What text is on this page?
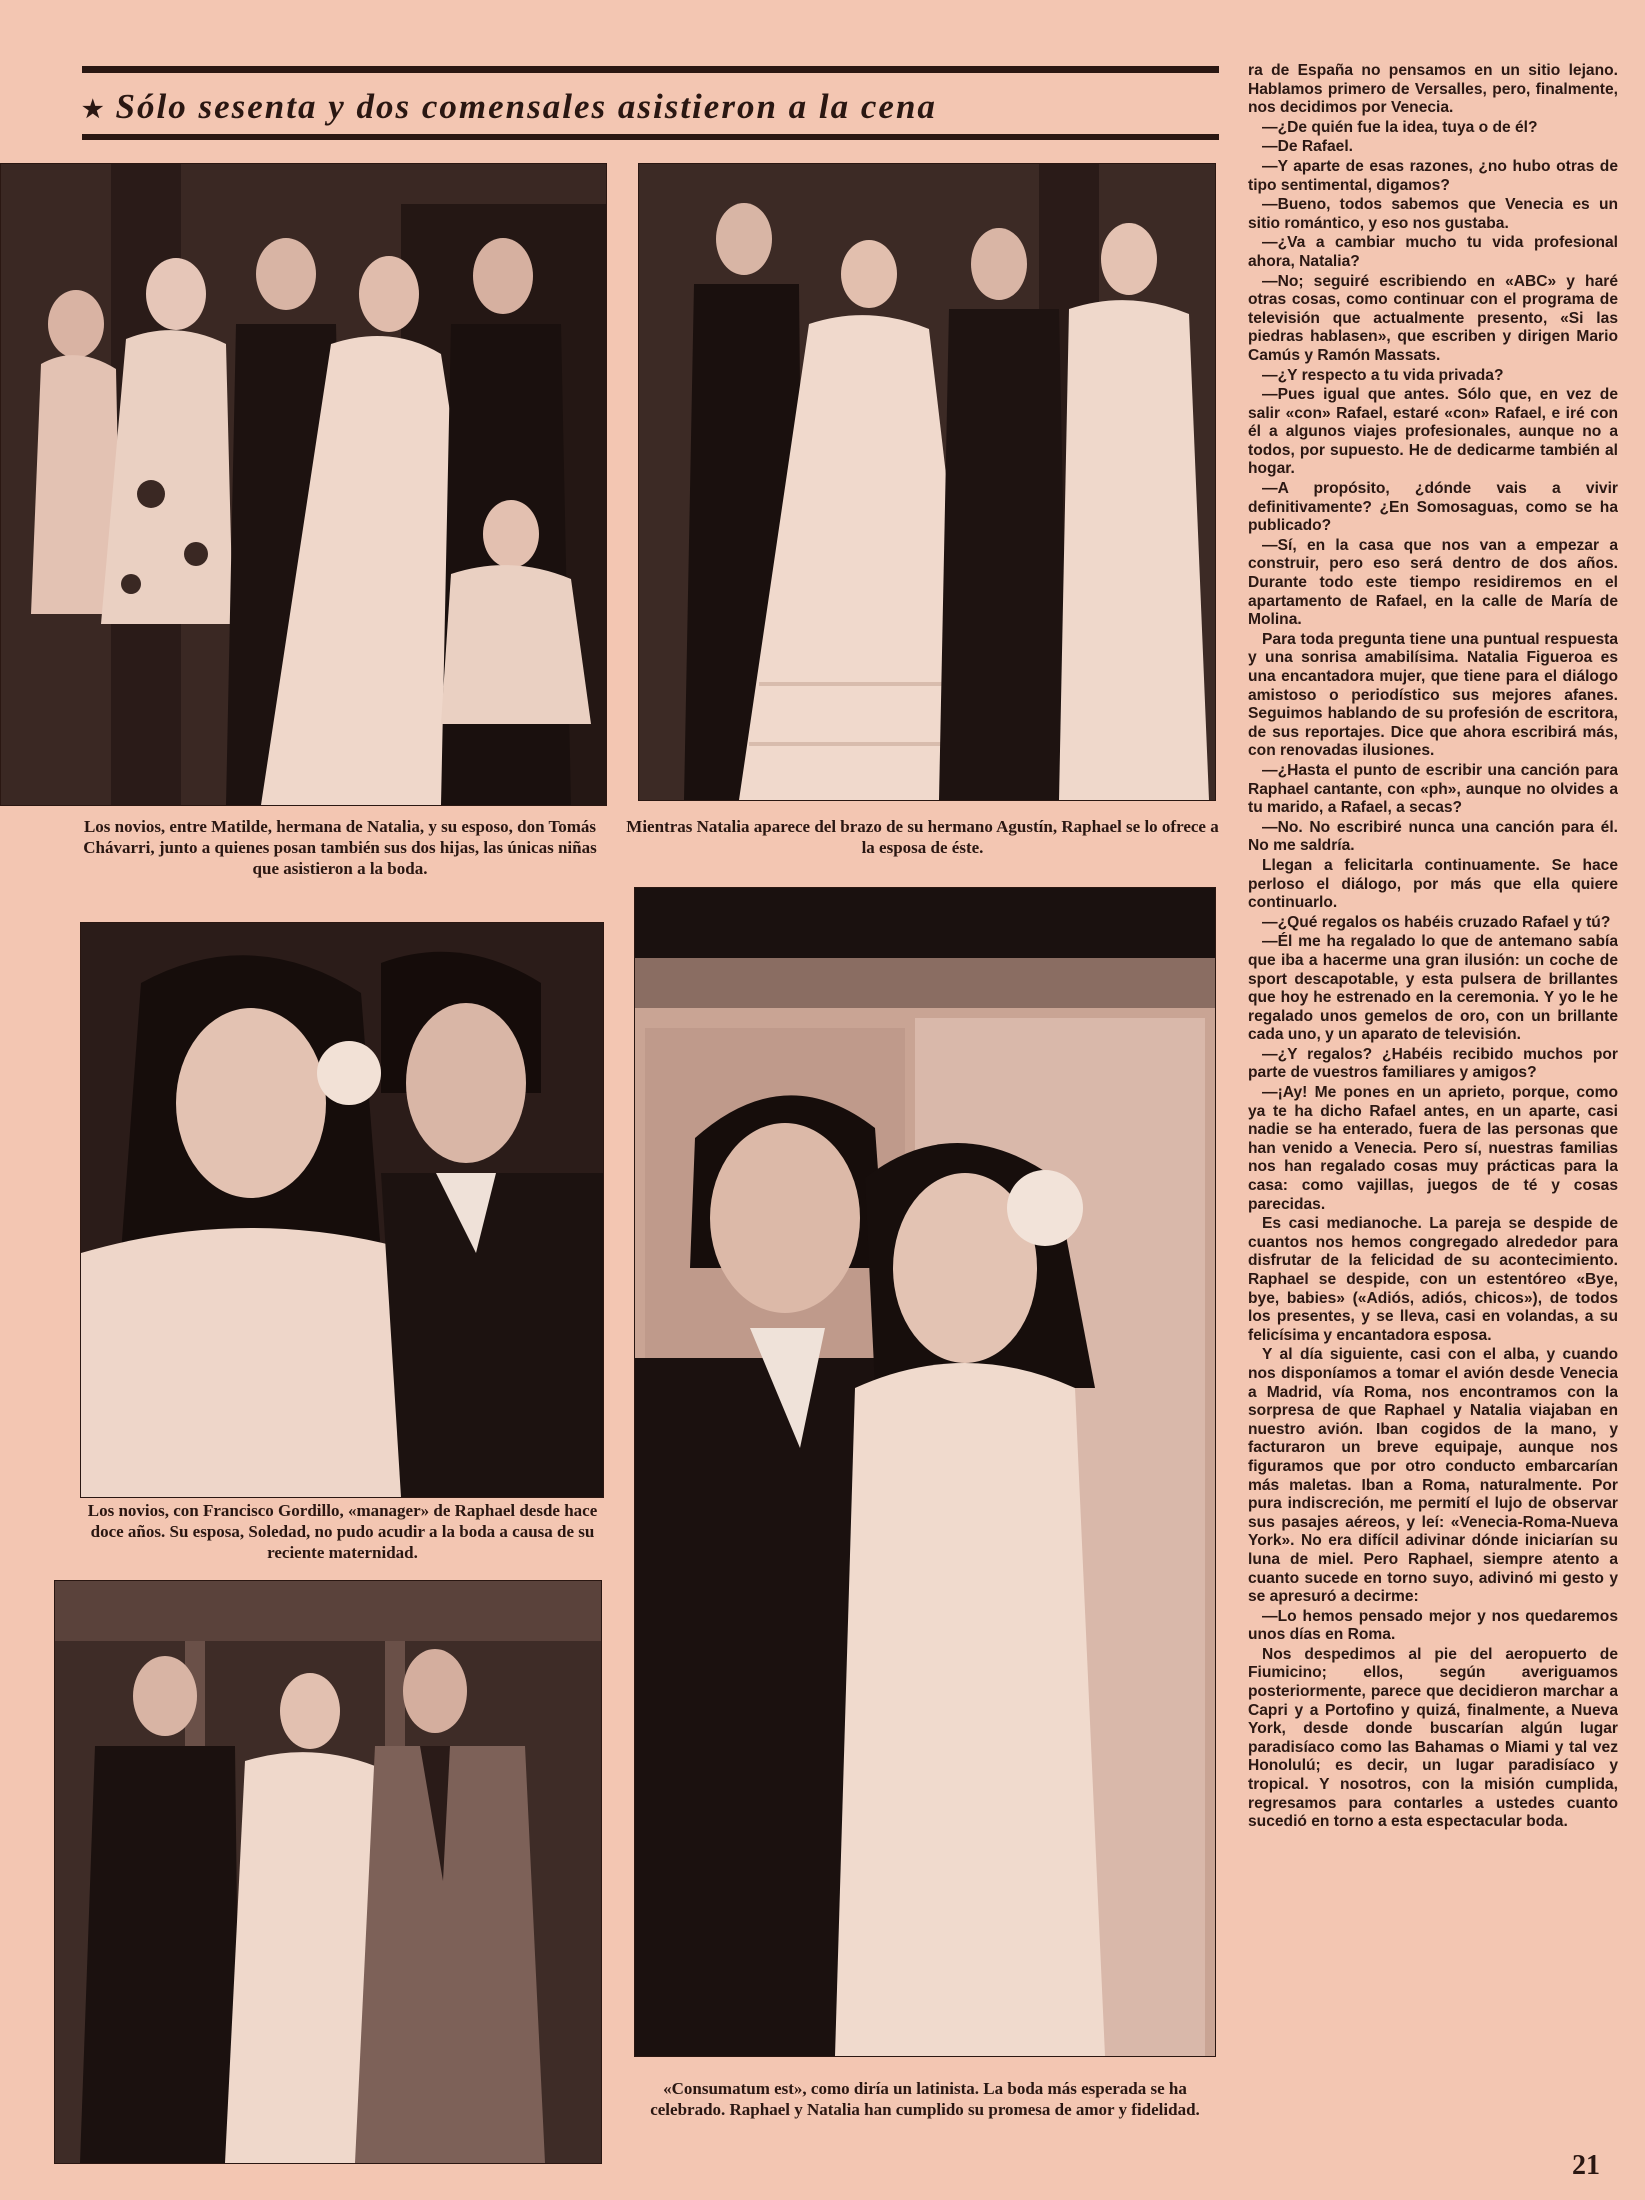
★ Sólo sesenta y dos comensales asistieron a la cena
Los novios, entre Matilde, hermana de Natalia, y su esposo, don Tomás Chávarri, junto a quienes posan también sus dos hijas, las únicas niñas que asistieron a la boda.
Mientras Natalia aparece del brazo de su hermano Agustín, Raphael se lo ofrece a la esposa de éste.
Los novios, con Francisco Gordillo, «manager» de Raphael desde hace doce años. Su esposa, Soledad, no pudo acudir a la boda a causa de su reciente maternidad.
«Consumatum est», como diría un latinista. La boda más esperada se ha celebrado. Raphael y Natalia han cumplido su promesa de amor y fidelidad.

ra de España no pensamos en un sitio lejano. Hablamos primero de Versalles, pero, finalmente, nos decidimos por Venecia.

—¿De quién fue la idea, tuya o de él?

—De Rafael.

—Y aparte de esas razones, ¿no hubo otras de tipo sentimental, digamos?

—Bueno, todos sabemos que Venecia es un sitio romántico, y eso nos gustaba.

—¿Va a cambiar mucho tu vida profesional ahora, Natalia?

—No; seguiré escribiendo en «ABC» y haré otras cosas, como continuar con el programa de televisión que actualmente presento, «Si las piedras hablasen», que escriben y dirigen Mario Camús y Ramón Massats.

—¿Y respecto a tu vida privada?

—Pues igual que antes. Sólo que, en vez de salir «con» Rafael, estaré «con» Rafael, e iré con él a algunos viajes profesionales, aunque no a todos, por supuesto. He de dedicarme también al hogar.

—A propósito, ¿dónde vais a vivir definitivamente? ¿En Somosaguas, como se ha publicado?

—Sí, en la casa que nos van a empezar a construir, pero eso será dentro de dos años. Durante todo este tiempo residiremos en el apartamento de Rafael, en la calle de María de Molina.

Para toda pregunta tiene una puntual respuesta y una sonrisa amabilísima. Natalia Figueroa es una encantadora mujer, que tiene para el diálogo amistoso o periodístico sus mejores afanes. Seguimos hablando de su profesión de escritora, de sus reportajes. Dice que ahora escribirá más, con renovadas ilusiones.

—¿Hasta el punto de escribir una canción para Raphael cantante, con «ph», aunque no olvides a tu marido, a Rafael, a secas?

—No. No escribiré nunca una canción para él. No me saldría.

Llegan a felicitarla continuamente. Se hace perloso el diálogo, por más que ella quiere continuarlo.

—¿Qué regalos os habéis cruzado Rafael y tú?

—Él me ha regalado lo que de antemano sabía que iba a hacerme una gran ilusión: un coche de sport descapotable, y esta pulsera de brillantes que hoy he estrenado en la ceremonia. Y yo le he regalado unos gemelos de oro, con un brillante cada uno, y un aparato de televisión.

—¿Y regalos? ¿Habéis recibido muchos por parte de vuestros familiares y amigos?

—¡Ay! Me pones en un aprieto, porque, como ya te ha dicho Rafael antes, en un aparte, casi nadie se ha enterado, fuera de las personas que han venido a Venecia. Pero sí, nuestras familias nos han regalado cosas muy prácticas para la casa: como vajillas, juegos de té y cosas parecidas.

Es casi medianoche. La pareja se despide de cuantos nos hemos congregado alrededor para disfrutar de la felicidad de su acontecimiento. Raphael se despide, con un estentóreo «Bye, bye, babies» («Adiós, adiós, chicos»), de todos los presentes, y se lleva, casi en volandas, a su felicísima y encantadora esposa.

Y al día siguiente, casi con el alba, y cuando nos disponíamos a tomar el avión desde Venecia a Madrid, vía Roma, nos encontramos con la sorpresa de que Raphael y Natalia viajaban en nuestro avión. Iban cogidos de la mano, y facturaron un breve equipaje, aunque nos figuramos que por otro conducto embarcarían más maletas. Iban a Roma, naturalmente. Por pura indiscreción, me permití el lujo de observar sus pasajes aéreos, y leí: «Venecia-Roma-Nueva York». No era difícil adivinar dónde iniciarían su luna de miel. Pero Raphael, siempre atento a cuanto sucede en torno suyo, adivinó mi gesto y se apresuró a decirme:

—Lo hemos pensado mejor y nos quedaremos unos días en Roma.

Nos despedimos al pie del aeropuerto de Fiumicino; ellos, según averiguamos posteriormente, parece que decidieron marchar a Capri y a Portofino y quizá, finalmente, a Nueva York, desde donde buscarían algún lugar paradisíaco como las Bahamas o Miami y tal vez Honolulú; es decir, un lugar paradisíaco y tropical. Y nosotros, con la misión cumplida, regresamos para contarles a ustedes cuanto sucedió en torno a esta espectacular boda.

21
